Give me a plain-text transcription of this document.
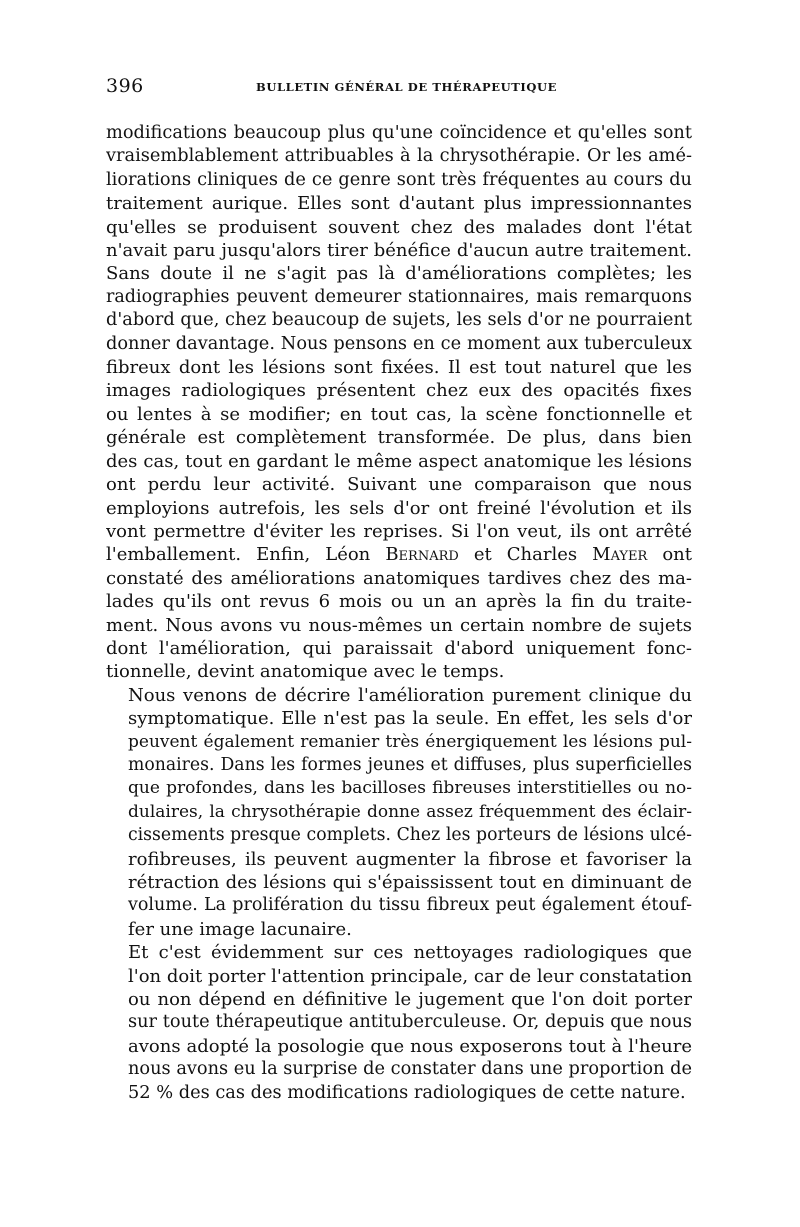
396	BULLETIN GÉNÉRAL DE THÉRAPEUTIQUE

modifications beaucoup plus qu'une coïncidence et qu'elles sont
vraisemblablement attribuables à la chrysothérapie. Or les amé-
liorations cliniques de ce genre sont très fréquentes au cours du
traitement aurique. Elles sont d'autant plus impressionnantes
qu'elles se produisent souvent chez des malades dont l'état
n'avait paru jusqu'alors tirer bénéfice d'aucun autre traitement.
Sans doute il ne s'agit pas là d'améliorations complètes; les
radiographies peuvent demeurer stationnaires, mais remarquons
d'abord que, chez beaucoup de sujets, les sels d'or ne pourraient
donner davantage. Nous pensons en ce moment aux tuberculeux
fibreux dont les lésions sont fixées. Il est tout naturel que les
images radiologiques présentent chez eux des opacités fixes
ou lentes à se modifier; en tout cas, la scène fonctionnelle et
générale est complètement transformée. De plus, dans bien
des cas, tout en gardant le même aspect anatomique les lésions
ont perdu leur activité. Suivant une comparaison que nous
employions autrefois, les sels d'or ont freiné l'évolution et ils
vont permettre d'éviter les reprises. Si l'on veut, ils ont arrêté
l'emballement. Enfin, Léon Bernard et Charles Mayer ont
constaté des améliorations anatomiques tardives chez des ma-
lades qu'ils ont revus 6 mois ou un an après la fin du traite-
ment. Nous avons vu nous-mêmes un certain nombre de sujets
dont l'amélioration, qui paraissait d'abord uniquement fonc-
tionnelle, devint anatomique avec le temps.

Nous venons de décrire l'amélioration purement clinique du
symptomatique. Elle n'est pas la seule. En effet, les sels d'or
peuvent également remanier très énergiquement les lésions pul-
monaires. Dans les formes jeunes et diffuses, plus superficielles
que profondes, dans les bacilloses fibreuses interstitielles ou no-
dulaires, la chrysothérapie donne assez fréquemment des éclair-
cissements presque complets. Chez les porteurs de lésions ulcé-
rofibreuses, ils peuvent augmenter la fibrose et favoriser la
rétraction des lésions qui s'épaississent tout en diminuant de
volume. La prolifération du tissu fibreux peut également étouf-
fer une image lacunaire.

Et c'est évidemment sur ces nettoyages radiologiques que
l'on doit porter l'attention principale, car de leur constatation
ou non dépend en définitive le jugement que l'on doit porter
sur toute thérapeutique antituberculeuse. Or, depuis que nous
avons adopté la posologie que nous exposerons tout à l'heure
nous avons eu la surprise de constater dans une proportion de
52 % des cas des modifications radiologiques de cette nature.
